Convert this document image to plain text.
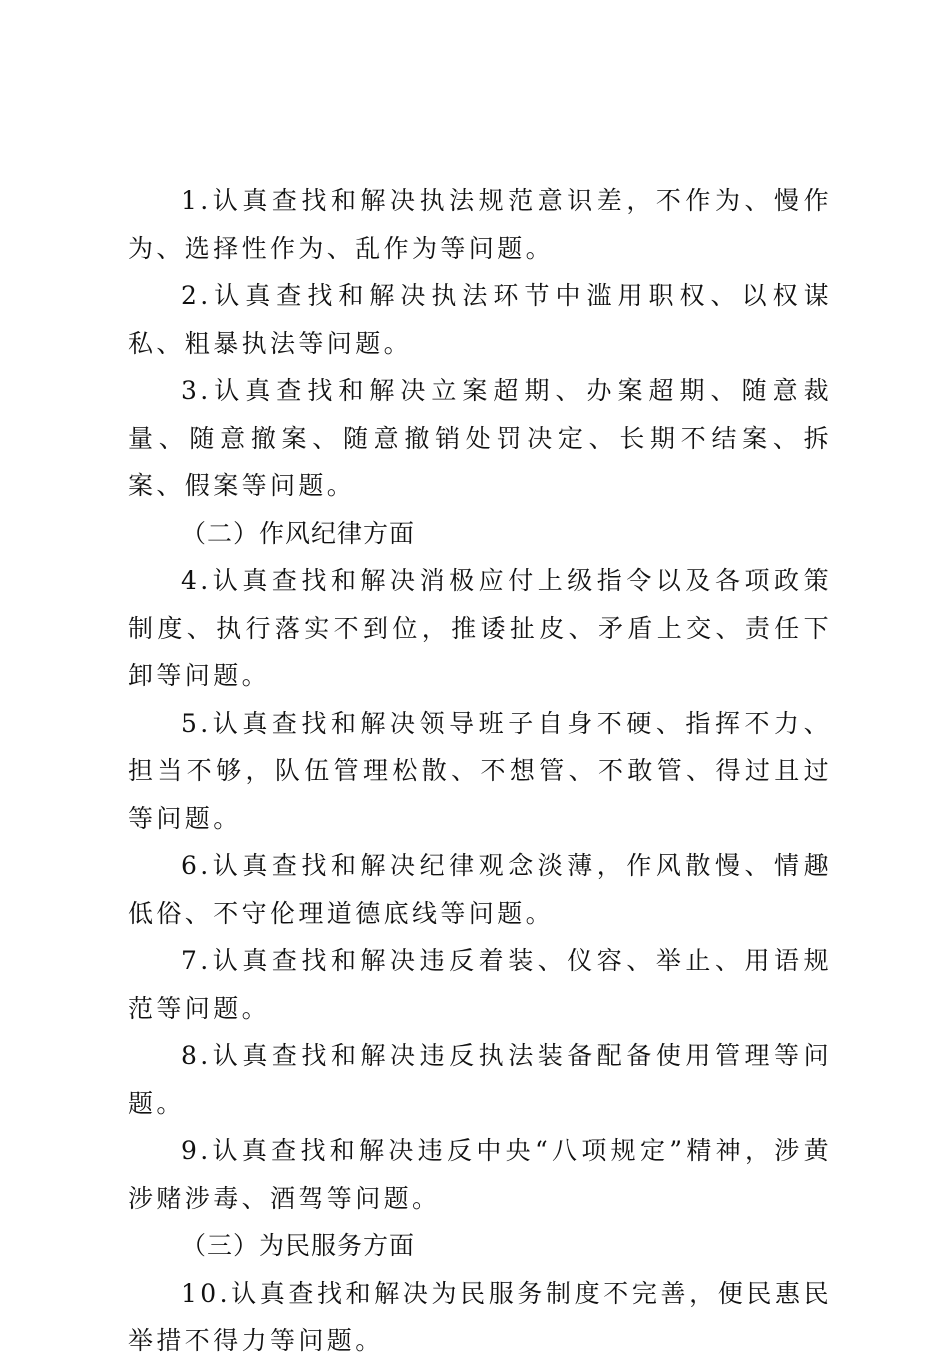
1.认真查找和解决执法规范意识差，不作为、慢作为、选择性作为、乱作为等问题。

2.认真查找和解决执法环节中滥用职权、以权谋私、粗暴执法等问题。

3.认真查找和解决立案超期、办案超期、随意裁量、随意撤案、随意撤销处罚决定、长期不结案、拆案、假案等问题。

（二）作风纪律方面

4.认真查找和解决消极应付上级指令以及各项政策制度、执行落实不到位，推诿扯皮、矛盾上交、责任下卸等问题。

5.认真查找和解决领导班子自身不硬、指挥不力、担当不够，队伍管理松散、不想管、不敢管、得过且过等问题。

6.认真查找和解决纪律观念淡薄，作风散慢、情趣低俗、不守伦理道德底线等问题。

7.认真查找和解决违反着装、仪容、举止、用语规范等问题。

8.认真查找和解决违反执法装备配备使用管理等问题。

9.认真查找和解决违反中央“八项规定”精神，涉黄涉赌涉毒、酒驾等问题。

（三）为民服务方面

10.认真查找和解决为民服务制度不完善，便民惠民举措不得力等问题。
